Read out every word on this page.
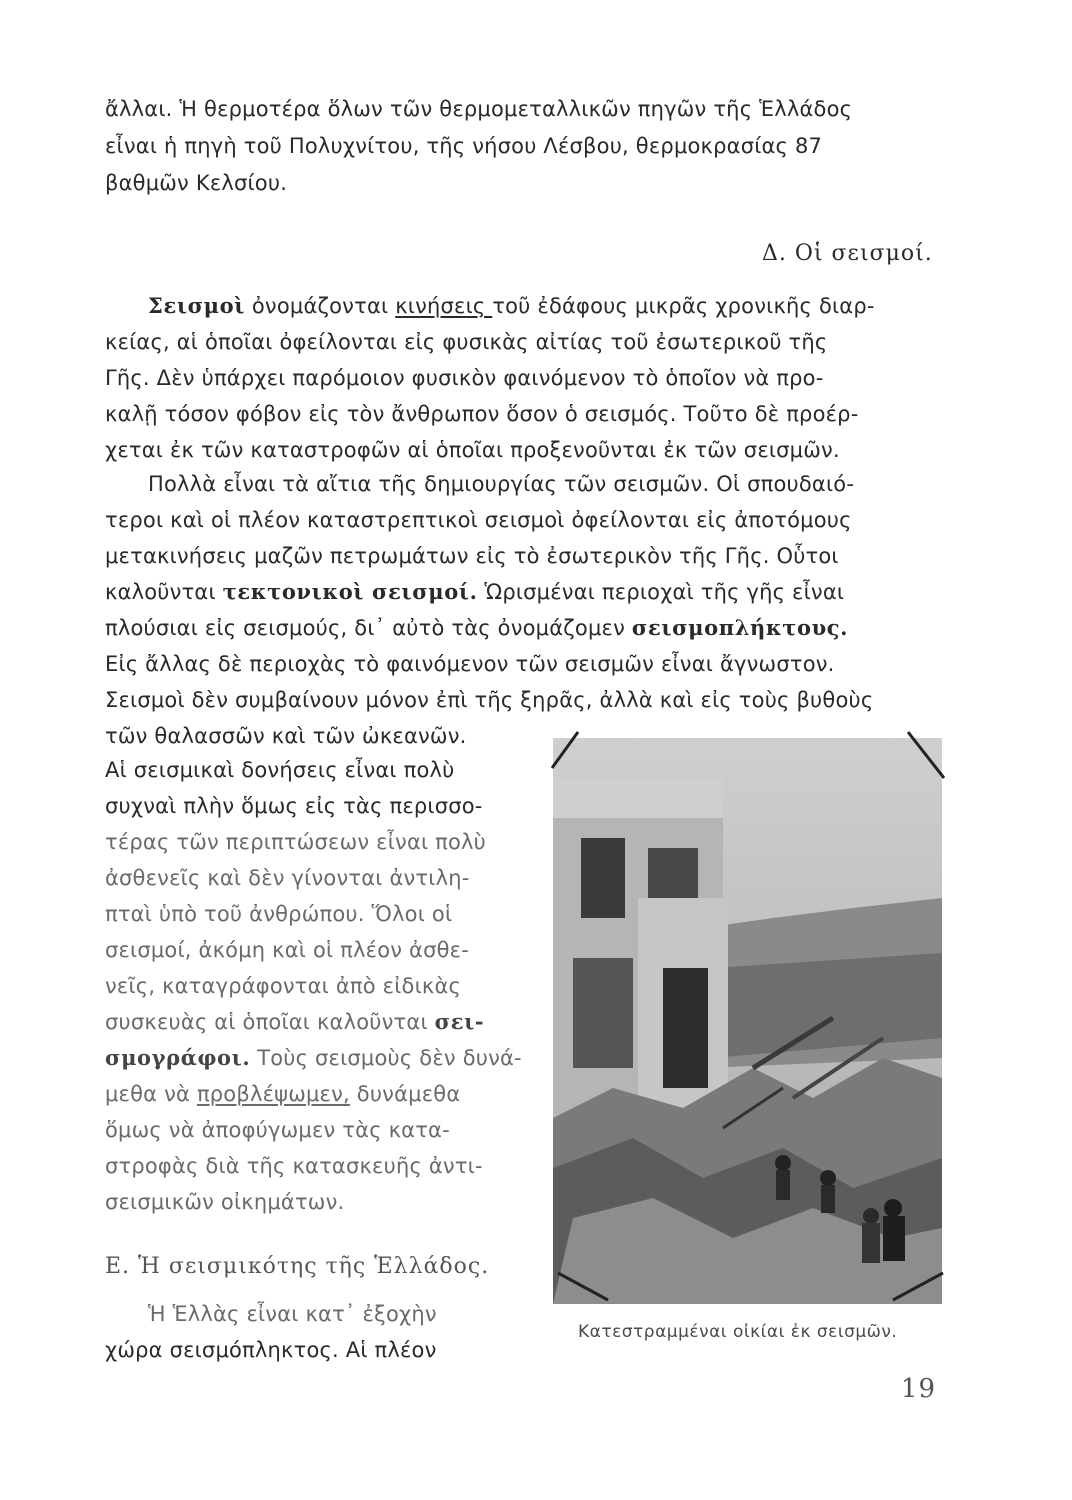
ἄλλαι. Ἡ θερμοτέρα ὅλων τῶν θερμομεταλλικῶν πηγῶν τῆς Ἑλλάδος
εἶναι ἡ πηγὴ τοῦ Πολυχνίτου, τῆς νήσου Λέσβου, θερμοκρασίας 87
βαθμῶν Κελσίου.
Δ. Οἱ σεισμοί.
Σεισμοὶ ὀνομάζονται κινήσεις τοῦ ἐδάφους μικρᾶς χρονικῆς διαρ-
κείας, αἱ ὁποῖαι ὀφείλονται εἰς φυσικὰς αἰτίας τοῦ ἐσωτερικοῦ τῆς
Γῆς. Δὲν ὑπάρχει παρόμοιον φυσικὸν φαινόμενον τὸ ὁποῖον νὰ προ-
καλῇ τόσον φόβον εἰς τὸν ἄνθρωπον ὅσον ὁ σεισμός. Τοῦτο δὲ προέρ-
χεται ἐκ τῶν καταστροφῶν αἱ ὁποῖαι προξενοῦνται ἐκ τῶν σεισμῶν.
Πολλὰ εἶναι τὰ αἴτια τῆς δημιουργίας τῶν σεισμῶν. Οἱ σπουδαιό-
τεροι καὶ οἱ πλέον καταστρεπτικοὶ σεισμοὶ ὀφείλονται εἰς ἀποτόμους
μετακινήσεις μαζῶν πετρωμάτων εἰς τὸ ἐσωτερικὸν τῆς Γῆς. Οὗτοι
καλοῦνται τεκτονικοὶ σεισμοί. Ὡρισμέναι περιοχαὶ τῆς γῆς εἶναι
πλούσιαι εἰς σεισμούς, δι᾽ αὐτὸ τὰς ὀνομάζομεν σεισμοπλήκτους.
Εἰς ἄλλας δὲ περιοχὰς τὸ φαινόμενον τῶν σεισμῶν εἶναι ἄγνωστον.
Σεισμοὶ δὲν συμβαίνουν μόνον ἐπὶ τῆς ξηρᾶς, ἀλλὰ καὶ εἰς τοὺς βυθοὺς
τῶν θαλασσῶν καὶ τῶν ὠκεανῶν.
Αἱ σεισμικαὶ δονήσεις εἶναι πολὺ
συχναὶ πλὴν ὅμως εἰς τὰς περισσο-
τέρας τῶν περιπτώσεων εἶναι πολὺ
ἀσθενεῖς καὶ δὲν γίνονται ἀντιλη-
πταὶ ὑπὸ τοῦ ἀνθρώπου. Ὅλοι οἱ
σεισμοί, ἀκόμη καὶ οἱ πλέον ἀσθε-
νεῖς, καταγράφονται ἀπὸ εἰδικὰς
συσκευὰς αἱ ὁποῖαι καλοῦνται σει-
σμογράφοι. Τοὺς σεισμοὺς δὲν δυνά-
μεθα νὰ προβλέψωμεν, δυνάμεθα
ὅμως νὰ ἀποφύγωμεν τὰς κατα-
στροφὰς διὰ τῆς κατασκευῆς ἀντι-
σεισμικῶν οἰκημάτων.
Ε. Ἡ σεισμικότης τῆς Ἑλλάδος.
Ἡ Ἑλλὰς εἶναι κατ᾽ ἐξοχὴν
χώρα σεισμόπληκτος. Αἱ πλέον
Κατεστραμμέναι οἰκίαι ἐκ σεισμῶν.
19
